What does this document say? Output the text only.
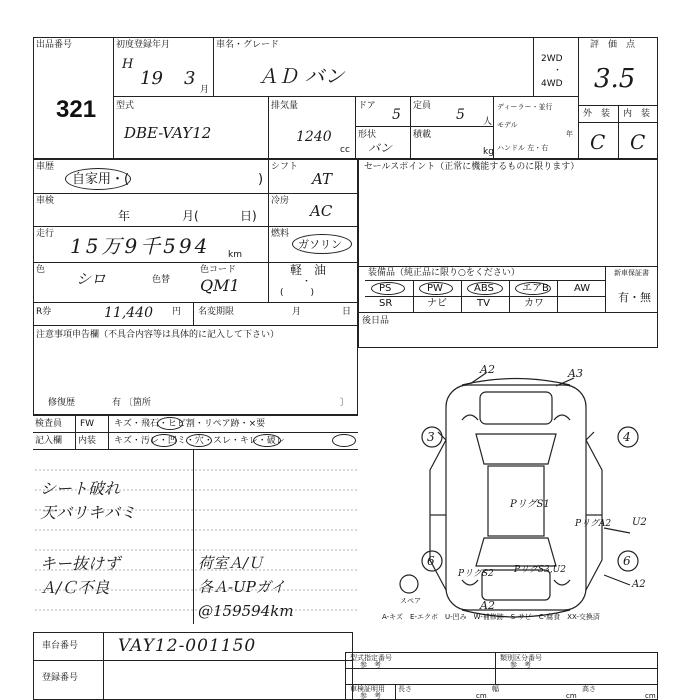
出品番号
321
初度登録年月
H
19 3
月
車名・グレード
ＡＤ バン
2WD
・
4WD
評　価　点
3.5
外　装 内　装
C C
型式
DBE-VAY12
排気量
1240
cc
ドア
5
定員
5 人
ディーラー・並行
モデル
年
ハンドル 左・右
形状
バン
積載
kg
車歴
自家用・(	)
シフト
AT
車検
年	月(	日)
冷房
AC
走行 15万9千594 km
燃料
ガソリン
軽　油
・
(　　　)
色 シロ	色替
色コード
QM1
R券	11,440 円 名変期限	月	日
注意事項申告欄（不具合内容等は具体的に記入して下さい）
修復歴	有 〔箇所	〕
セールスポイント（正常に機能するものに限ります）
装備品（純正品に限り○をください）	新車保証書
有・無
PS	PW	ABS	エアB	AW
SR	ナビ	TV	カワ
後日品
検査員
記入欄
FW
内装
キズ・飛石・ヒビ割・リペア跡・×要
キズ・汚レ・凹ミ・穴・スレ・キレ・破レ
シート破れ
天バリキバミ
キー抜けず
Ａ/Ｃ不良
荷室Ａ/Ｕ
各Ａ-UPガイ
@159594km
A2	A3
3	4
6	6
A2
PリグS1
PリグS2 PリグS3,U2
PリグA2 U2
A2
スペア
A-キズ　E-エクボ　U-凹み　W-補修跡　S-サビ　C-腐食　XX-交換済
車台番号 VAY12-001150
登録番号
型式指定番号
参　考
類別区分番号
参　考
車検証明用
参　考
長さ
cm
幅
cm
高さ
cm
